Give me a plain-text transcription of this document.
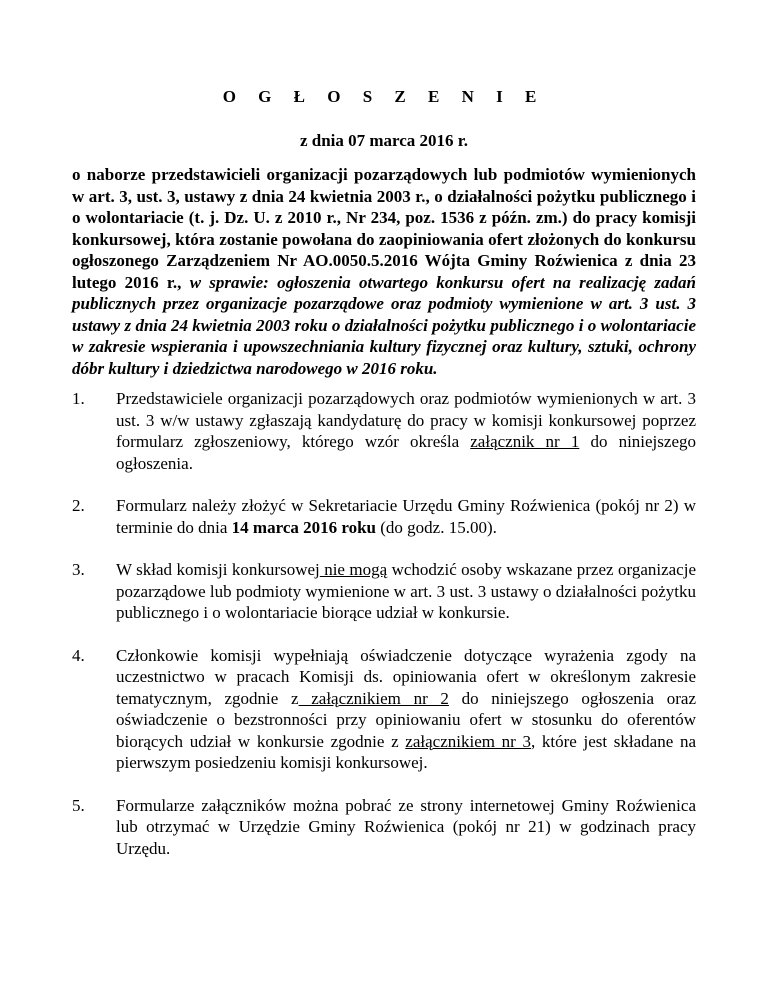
O G Ł O S Z E N I E
z dnia 07 marca 2016 r.

o naborze przedstawicieli organizacji pozarządowych lub podmiotów wymienionych w art. 3, ust. 3, ustawy z dnia 24 kwietnia 2003 r., o działalności pożytku publicznego i o wolontariacie (t. j. Dz. U. z 2010 r., Nr 234, poz. 1536 z późn. zm.) do pracy komisji konkursowej, która zostanie powołana do zaopiniowania ofert złożonych do konkursu ogłoszonego Zarządzeniem Nr AO.0050.5.2016 Wójta Gminy Roźwienica z dnia 23 lutego 2016 r., w sprawie: ogłoszenia otwartego konkursu ofert na realizację zadań publicznych przez organizacje pozarządowe oraz podmioty wymienione w art. 3 ust. 3 ustawy z dnia 24 kwietnia 2003 roku o działalności pożytku publicznego i o wolontariacie w zakresie wspierania i upowszechniania kultury fizycznej oraz kultury, sztuki, ochrony dóbr kultury i dziedzictwa narodowego w 2016 roku.

1.	Przedstawiciele organizacji pozarządowych oraz podmiotów wymienionych w art. 3 ust. 3 w/w ustawy zgłaszają kandydaturę do pracy w komisji konkursowej poprzez formularz zgłoszeniowy, którego wzór określa załącznik nr 1 do niniejszego ogłoszenia.
2.	Formularz należy złożyć w Sekretariacie Urzędu Gminy Roźwienica (pokój nr 2) w terminie do dnia 14 marca 2016 roku (do godz. 15.00).
3.	W skład komisji konkursowej nie mogą wchodzić osoby wskazane przez organizacje pozarządowe lub podmioty wymienione w art. 3 ust. 3 ustawy o działalności pożytku publicznego i o wolontariacie biorące udział w konkursie.
4.	Członkowie komisji wypełniają oświadczenie dotyczące wyrażenia zgody na uczestnictwo w pracach Komisji ds. opiniowania ofert w określonym zakresie tematycznym, zgodnie z załącznikiem nr 2 do niniejszego ogłoszenia oraz oświadczenie o bezstronności przy opiniowaniu ofert w stosunku do oferentów biorących udział w konkursie zgodnie z załącznikiem nr 3, które jest składane na pierwszym posiedzeniu komisji konkursowej.
5.	Formularze załączników można pobrać ze strony internetowej Gminy Roźwienica lub otrzymać w Urzędzie Gminy Roźwienica (pokój nr 21) w godzinach pracy Urzędu.
